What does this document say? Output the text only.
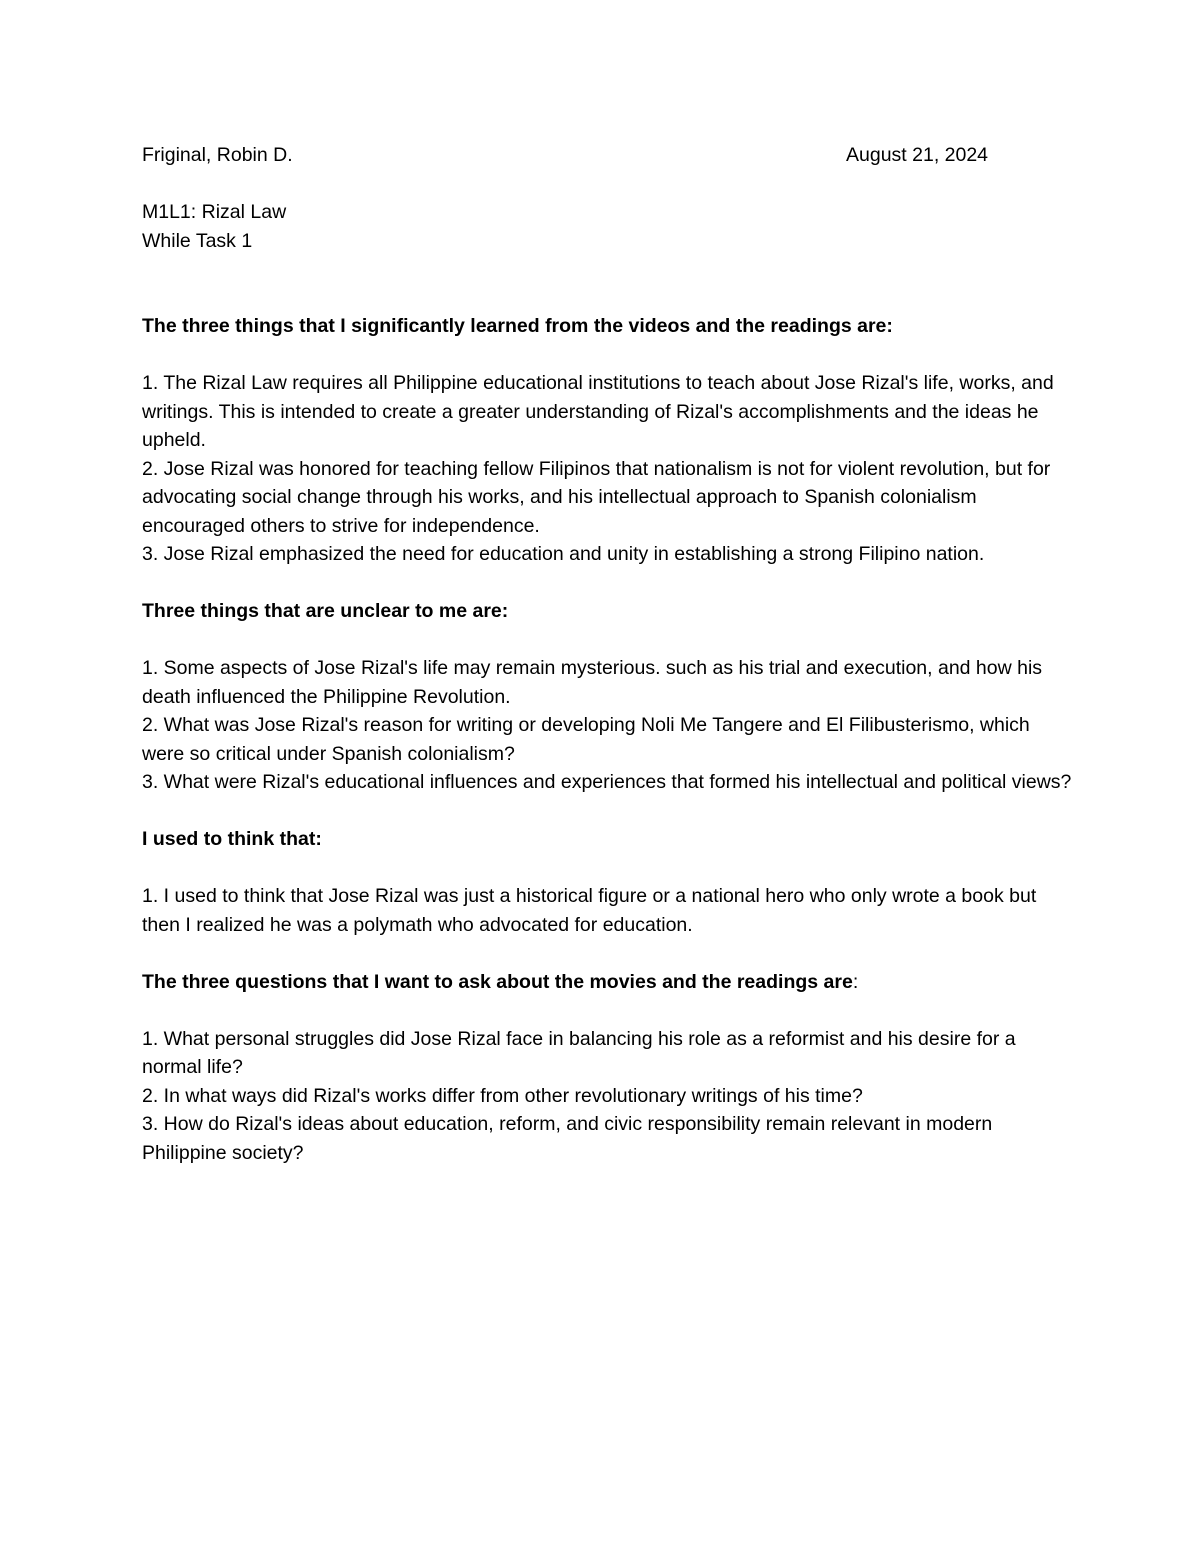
Friginal, Robin D.	August 21, 2024
M1L1: Rizal Law
While Task 1
The three things that I significantly learned from the videos and the readings are:

1. The Rizal Law requires all Philippine educational institutions to teach about Jose Rizal's life, works, and writings. This is intended to create a greater understanding of Rizal's accomplishments and the ideas he upheld.

2. Jose Rizal was honored for teaching fellow Filipinos that nationalism is not for violent revolution, but for advocating social change through his works, and his intellectual approach to Spanish colonialism encouraged others to strive for independence.

3. Jose Rizal emphasized the need for education and unity in establishing a strong Filipino nation.

Three things that are unclear to me are:

1. Some aspects of Jose Rizal's life may remain mysterious. such as his trial and execution, and how his death influenced the Philippine Revolution.

2. What was Jose Rizal's reason for writing or developing Noli Me Tangere and El Filibusterismo, which were so critical under Spanish colonialism?

3. What were Rizal's educational influences and experiences that formed his intellectual and political views?

I used to think that:

1. I used to think that Jose Rizal was just a historical figure or a national hero who only wrote a book but then I realized he was a polymath who advocated for education.

The three questions that I want to ask about the movies and the readings are:

1. What personal struggles did Jose Rizal face in balancing his role as a reformist and his desire for a normal life?

2. In what ways did Rizal's works differ from other revolutionary writings of his time?

3. How do Rizal's ideas about education, reform, and civic responsibility remain relevant in modern Philippine society?
